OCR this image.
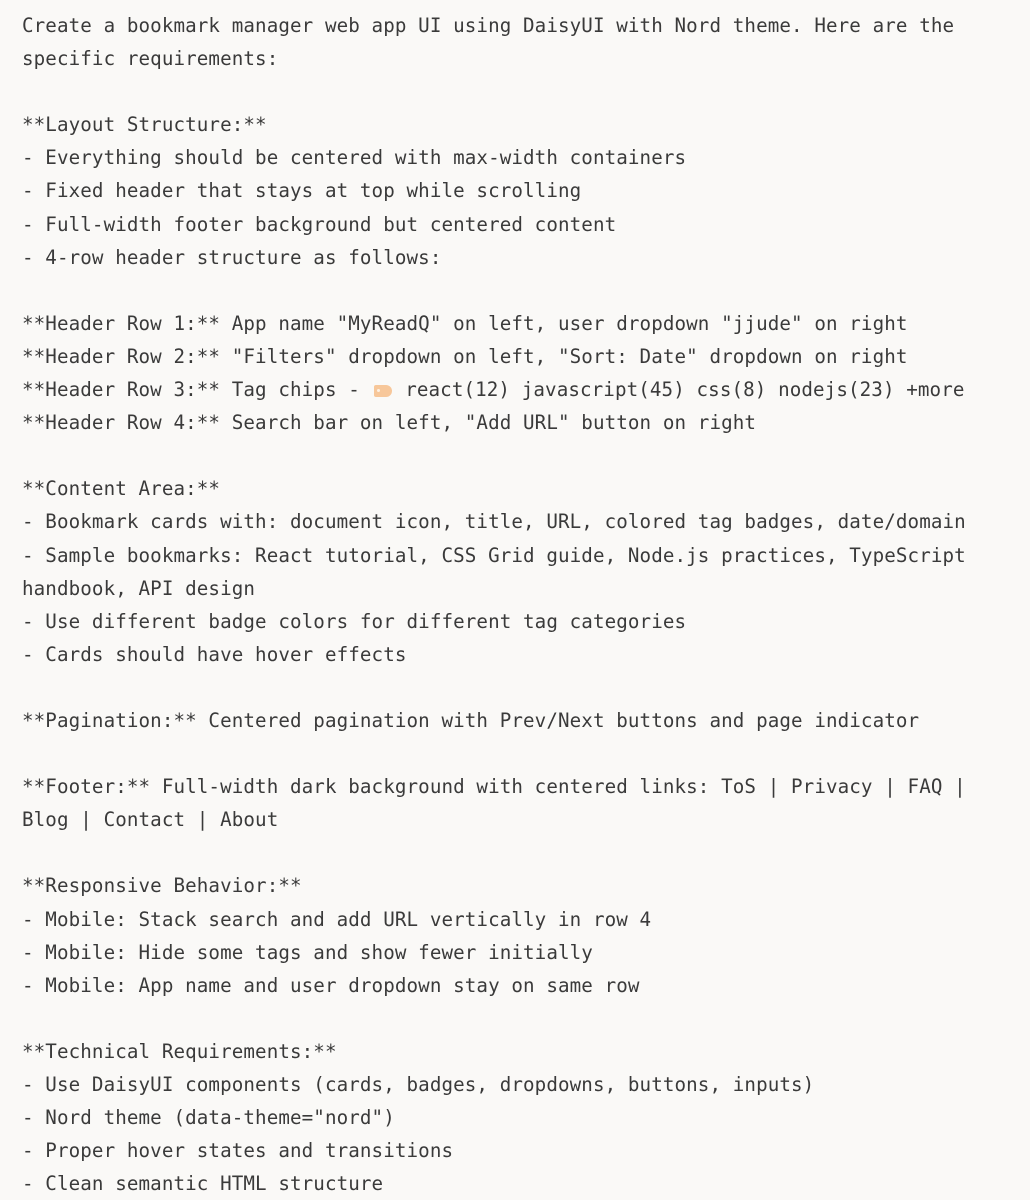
Create a bookmark manager web app UI using DaisyUI with Nord theme. Here are the
specific requirements:
**Layout Structure:**
- Everything should be centered with max-width containers
- Fixed header that stays at top while scrolling
- Full-width footer background but centered content
- 4-row header structure as follows:
**Header Row 1:** App name "MyReadQ" on left, user dropdown "jjude" on right
**Header Row 2:** "Filters" dropdown on left, "Sort: Date" dropdown on right
**Header Row 3:** Tag chips -  react(12) javascript(45) css(8) nodejs(23) +more
**Header Row 4:** Search bar on left, "Add URL" button on right
**Content Area:**
- Bookmark cards with: document icon, title, URL, colored tag badges, date/domain
- Sample bookmarks: React tutorial, CSS Grid guide, Node.js practices, TypeScript
handbook, API design
- Use different badge colors for different tag categories
- Cards should have hover effects
**Pagination:** Centered pagination with Prev/Next buttons and page indicator
**Footer:** Full-width dark background with centered links: ToS | Privacy | FAQ |
Blog | Contact | About
**Responsive Behavior:**
- Mobile: Stack search and add URL vertically in row 4
- Mobile: Hide some tags and show fewer initially
- Mobile: App name and user dropdown stay on same row
**Technical Requirements:**
- Use DaisyUI components (cards, badges, dropdowns, buttons, inputs)
- Nord theme (data-theme="nord")
- Proper hover states and transitions
- Clean semantic HTML structure
